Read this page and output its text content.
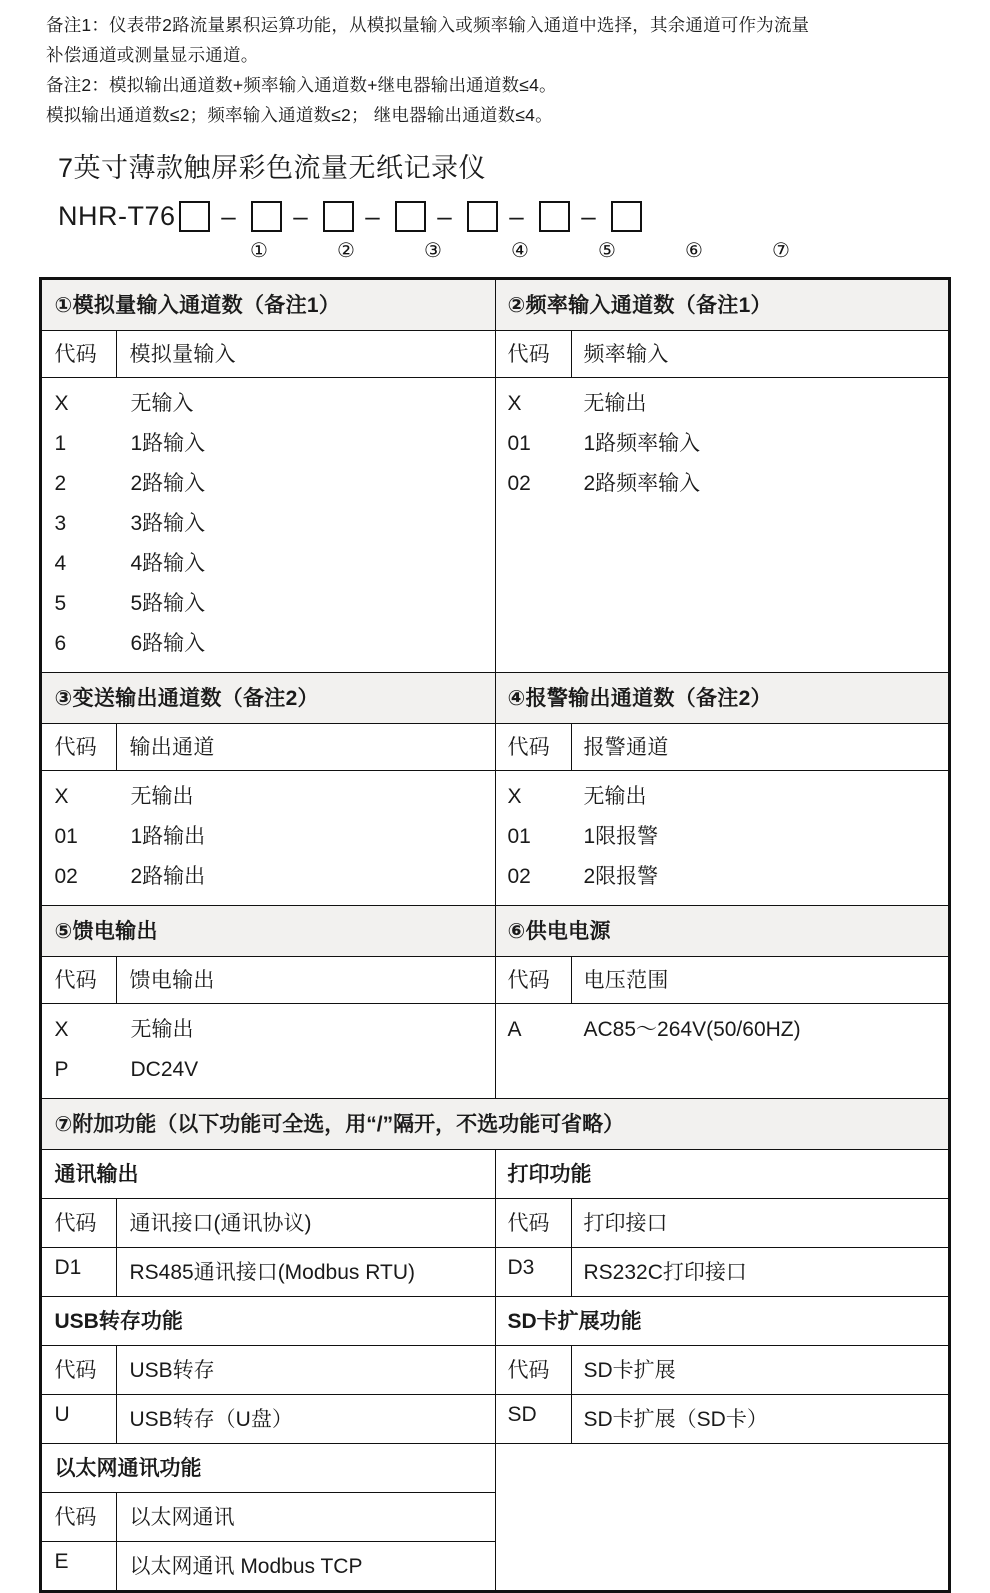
备注1：仪表带2路流量累积运算功能，从模拟量输入或频率输入通道中选择，其余通道可作为流量
补偿通道或测量显示通道。
备注2：模拟输出通道数+频率输入通道数+继电器输出通道数≤4。
模拟输出通道数≤2；频率输入通道数≤2； 继电器输出通道数≤4。
7英寸薄款触屏彩色流量无纸记录仪
NHR-T76	–	–	–	–	–	–
①	②	③	④	⑤	⑥	⑦
①模拟量输入通道数（备注1）		②频率输入通道数（备注1）	
代码	模拟量输入	代码	频率输入

X	无输入
1	1路输入
2	2路输入
3	3路输入
4	4路输入
5	5路输入
6	6路输入

X	无输出
01	1路频率输入
02	2路频率输入

③变送输出通道数（备注2）		④报警输出通道数（备注2）	
代码	输出通道	代码	报警通道

X	无输出
01	1路输出
02	2路输出

X	无输出
01	1限报警
02	2限报警

⑤馈电输出		⑥供电电源	
代码	馈电输出	代码	电压范围

X	无输出
P	DC24V

A	AC85～264V(50/60HZ)

⑦附加功能（以下功能可全选，用“/”隔开，不选功能可省略）			
通讯输出		打印功能	
代码	通讯接口(通讯协议)	代码	打印接口
D1	RS485通讯接口(Modbus RTU)	D3	RS232C打印接口
USB转存功能		SD卡扩展功能	
代码	USB转存	代码	SD卡扩展
U	USB转存（U盘）	SD	SD卡扩展（SD卡）
以太网通讯功能			
代码	以太网通讯		
E	以太网通讯 Modbus TCP		
